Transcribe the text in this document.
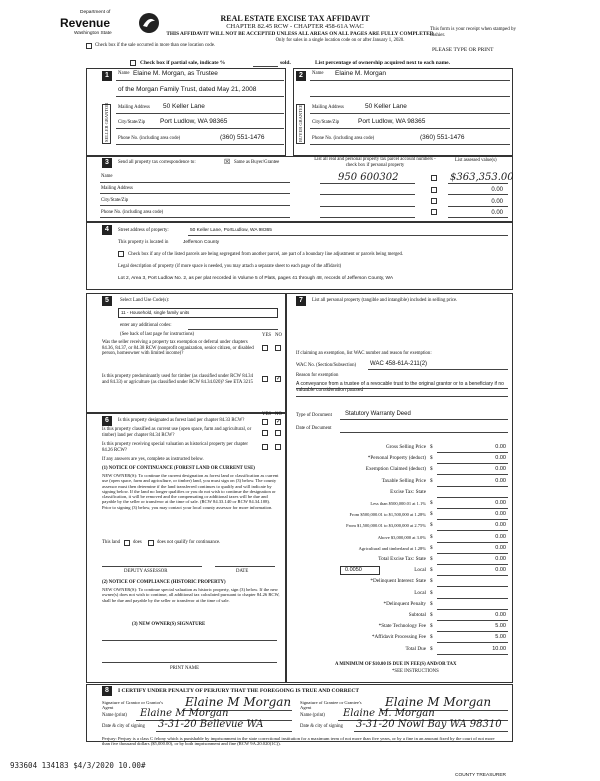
Department of
Revenue
Washington State
REAL ESTATE EXCISE TAX AFFIDAVIT
CHAPTER 82.45 RCW - CHAPTER 458-61A WAC
THIS AFFIDAVIT WILL NOT BE ACCEPTED UNLESS ALL AREAS ON ALL PAGES ARE FULLY COMPLETED
Only for sales in a single location code on or after January 1, 2020.
This form is your receipt when stamped by cashier.
PLEASE TYPE OR PRINT
Check box if the sale occurred in more than one location code.
Check box if partial sale, indicate %	sold.	List percentage of ownership acquired next to each name.
1
SELLER GRANTOR
Name Elaine M. Morgan, as Trustee
of the Morgan Family Trust, dated May 21, 2008
Mailing Address 50 Keller Lane
City/State/Zip Port Ludlow, WA 98365
Phone No. (including area code)	(360) 551-1476
2
BUYER GRANTEE
Name Elaine M. Morgan
Mailing Address	50 Keller Lane
City/State/Zip	Port Ludlow, WA 98365
Phone No. (including area code)	(360) 551-1476
3	Send all property tax correspondence to:	☒ Same as Buyer/Grantee
Name
Mailing Address
City/State/Zip
Phone No. (including area code)
List all real and personal property tax parcel account numbers - check box if personal property
List assessed value(s)
950 600302	$363,353.00
0.00
0.00
0.00
4	Street address of property:	50 Keller Lane, PortLudlow, WA 98365
This property is located in	Jefferson County
Check box if any of the listed parcels are being segregated from another parcel, are part of a boundary line adjustment or parcels being merged.
Legal description of property (if more space is needed, you may attach a separate sheet to each page of the affidavit)
Lot 2, Area 3, Port Ludlow No. 2, as per plat recorded in Volume 5 of Plats, pages 41 through 48, records of Jefferson County, WA
5	Select Land Use Code(s):
11 - Household, single family units
enter any additional codes:
(See back of last page for instructions)	YES NO
Was the seller receiving a property tax exemption or deferral under chapters 84.36, 84.37, or 84.38 RCW (nonprofit organization, senior citizen, or disabled person, homeowner with limited income)?
Is this property predominantly used for timber (as classified under RCW 84.34 and 84.33) or agriculture (as classified under RCW 84.34.020)? See ETA 3215
✓
6
YES NO
Is this property designated as forest land per chapter 84.33 RCW?	✓
Is this property classified as current use (open space, farm and agricultural, or timber) land per chapter 84.34 RCW?
Is this property receiving special valuation as historical property per chapter 84.26 RCW?
If any answers are yes, complete as instructed below.
(1) NOTICE OF CONTINUANCE (FOREST LAND OR CURRENT USE)
NEW OWNER(S): To continue the current designation as forest land or classification as current use (open space, farm and agriculture, or timber) land, you must sign on (3) below. The county assessor must then determine if the land transferred continues to qualify and will indicate by signing below. If the land no longer qualifies or you do not wish to continue the designation or classification, it will be removed and the compensating or additional taxes will be due and payable by the seller or transferor at the time of sale. (RCW 84.33.140 or RCW 84.34.108). Prior to signing (3) below, you may contact your local county assessor for more information.
This land	does	does not qualify for continuance.
DEPUTY ASSESSOR	DATE
(2) NOTICE OF COMPLIANCE (HISTORIC PROPERTY)
NEW OWNER(S): To continue special valuation as historic property, sign (3) below. If the new owner(s) does not wish to continue, all additional tax calculated pursuant to chapter 84.26 RCW, shall be due and payable by the seller or transferor at the time of sale.
(3) NEW OWNER(S) SIGNATURE
PRINT NAME
7	List all personal property (tangible and intangible) included in selling price.
If claiming an exemption, list WAC number and reason for exemption:
WAC No. (Section/Subsection) WAC 458-61A-211(2)
Reason for exemption
A conveyance from a trustee of a revocable trust to the original grantor or to a beneficiary if no valuable consideration passed
Type of Document Statutory Warranty Deed
Date of Document
Gross Selling Price $	0.00
*Personal Property (deduct) $	0.00
Exemption Claimed (deduct) $	0.00
Taxable Selling Price $	0.00
Excise Tax: State
Less than $500,000.01 at 1.1% $	0.00
From $500,000.01 to $1,500,000 at 1.28% $	0.00
From $1,500,000.01 to $3,000,000 at 2.75% $	0.00
Above $3,000,000 at 3.0% $	0.00
Agricultural and timberland at 1.28% $	0.00
Total Excise Tax: State $	0.00
Local
0.0050	$	0.00
*Delinquent Interest: State $
Local $
*Delinquent Penalty $
Subtotal $	0.00
*State Technology Fee $	5.00
*Affidavit Processing Fee $	5.00
Total Due $	10.00
A MINIMUM OF $10.00 IS DUE IN FEE(S) AND/OR TAX
*SEE INSTRUCTIONS
8	I CERTIFY UNDER PENALTY OF PERJURY THAT THE FOREGOING IS TRUE AND CORRECT
Signature of Grantor or Grantor's Agent	Elaine M Morgan Signature of Grantee or Grantee's Agent	Elaine M Morgan
Name (print) Elaine M Morgan	Name (print) Elaine M. Morgan
Date & city of signing 3-31-20 Bellevue WA	Date & city of signing 3-31-20 Nowl Bay WA 98310
Perjury: Perjury is a class C felony which is punishable by imprisonment in the state correctional institution for a maximum term of not more than five years, or by a fine in an amount fixed by the court of not more than five thousand dollars ($5,000.00), or by both imprisonment and fine (RCW 9A.20.020(1C)).
933604 134183 $4/3/2020 10.00#
COUNTY TREASURER
